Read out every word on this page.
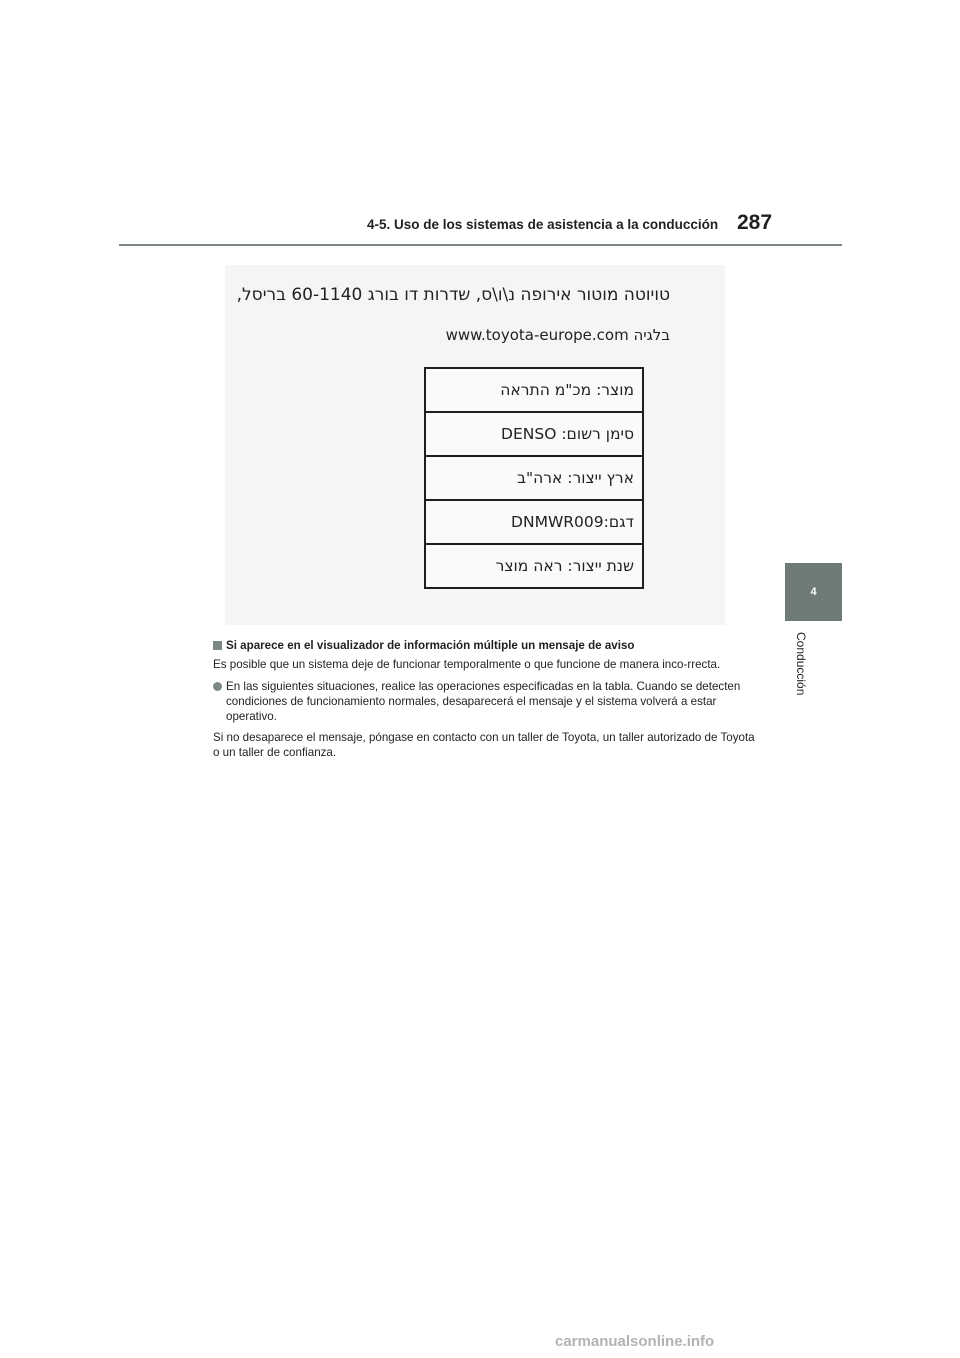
4-5. Uso de los sistemas de asistencia a la conducción 287
4
Conducción
טויוטה מוטור אירופה נ\ו\ס, שדרות דו בורג 60-1140 בריסל,
בלגיה www.toyota-europe.com
מוצר: מכ"מ התראה
סימן רשום: DENSO
ארץ ייצור: ארה"ב
דגם:DNMWR009
שנת ייצור: ראה מוצר

Si aparece en el visualizador de información múltiple un mensaje de aviso

Es posible que un sistema deje de funcionar temporalmente o que funcione de manera inco-rrecta.

En las siguientes situaciones, realice las operaciones especificadas en la tabla. Cuando se detecten condiciones de funcionamiento normales, desaparecerá el mensaje y el sistema volverá a estar operativo.

Si no desaparece el mensaje, póngase en contacto con un taller de Toyota, un taller autorizado de Toyota o un taller de confianza.

carmanualsonline.info
